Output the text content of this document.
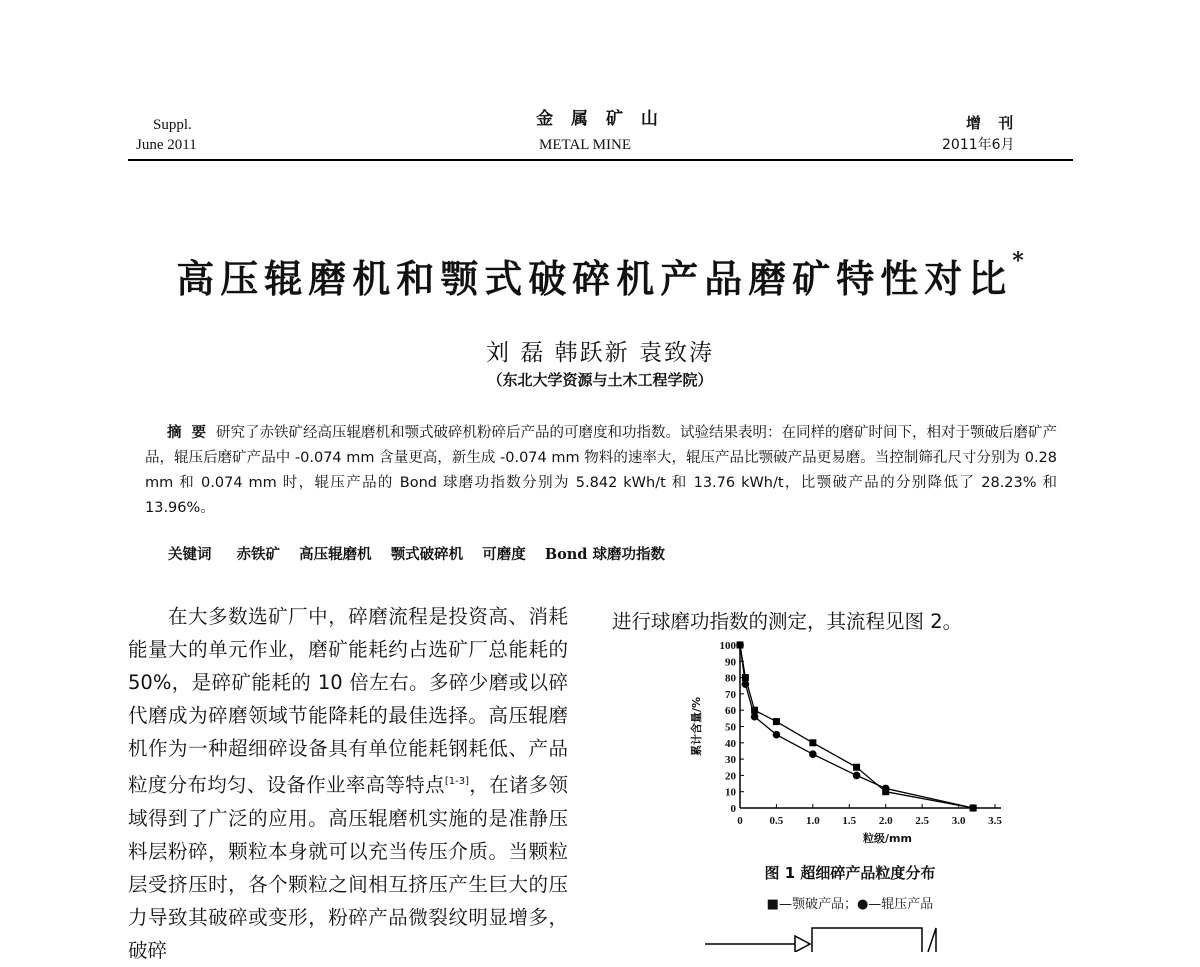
Suppl.
June 2011
金 属 矿 山
METAL MINE
增 刊
2011年6月
高压辊磨机和颚式破碎机产品磨矿特性对比*
刘 磊 韩跃新 袁致涛
（东北大学资源与土木工程学院）
摘要研究了赤铁矿经高压辊磨机和颚式破碎机粉碎后产品的可磨度和功指数。试验结果表明：在同样的磨矿时间下，相对于颚破后磨矿产品，辊压后磨矿产品中 -0.074 mm 含量更高，新生成 -0.074 mm 物料的速率大，辊压产品比颚破产品更易磨。当控制筛孔尺寸分别为 0.28 mm 和 0.074 mm 时，辊压产品的 Bond 球磨功指数分别为 5.842 kWh/t 和 13.76 kWh/t，比颚破产品的分别降低了 28.23% 和 13.96%。
关键词 赤铁矿 高压辊磨机 颚式破碎机 可磨度 Bond 球磨功指数
在大多数选矿厂中，碎磨流程是投资高、消耗能量大的单元作业，磨矿能耗约占选矿厂总能耗的 50%，是碎矿能耗的 10 倍左右。多碎少磨或以碎代磨成为碎磨领域节能降耗的最佳选择。高压辊磨机作为一种超细碎设备具有单位能耗钢耗低、产品粒度分布均匀、设备作业率高等特点[1-3]，在诸多领域得到了广泛的应用。高压辊磨机实施的是准静压料层粉碎，颗粒本身就可以充当传压介质。当颗粒层受挤压时，各个颗粒之间相互挤压产生巨大的压力导致其破碎或变形，粉碎产品微裂纹明显增多，破碎
进行球磨功指数的测定，其流程见图 2。
0
10
20
30
40
50
60
70
80
90
100
0 0.5 1.0 1.5 2.0 2.5 3.0 3.5
粒级/mm
累计含量/%
图 1 超细碎产品粒度分布
■—颚破产品；●—辊压产品
